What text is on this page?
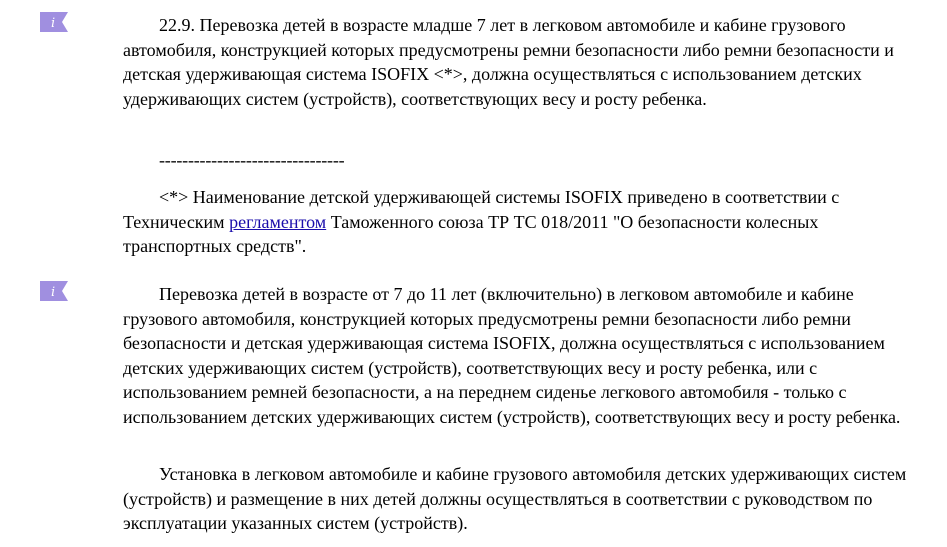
i	22.9. Перевозка детей в возрасте младше 7 лет в легковом автомобиле и кабине грузового автомобиля, конструкцией которых предусмотрены ремни безопасности либо ремни безопасности и детская удерживающая система ISOFIX <*>, должна осуществляться с использованием детских удерживающих систем (устройств), соответствующих весу и росту ребенка.

--------------------------------

<*> Наименование детской удерживающей системы ISOFIX приведено в соответствии с Техническим регламентом Таможенного союза ТР ТС 018/2011 "О безопасности колесных транспортных средств".

i	Перевозка детей в возрасте от 7 до 11 лет (включительно) в легковом автомобиле и кабине грузового автомобиля, конструкцией которых предусмотрены ремни безопасности либо ремни безопасности и детская удерживающая система ISOFIX, должна осуществляться с использованием детских удерживающих систем (устройств), соответствующих весу и росту ребенка, или с использованием ремней безопасности, а на переднем сиденье легкового автомобиля - только с использованием детских удерживающих систем (устройств), соответствующих весу и росту ребенка.

Установка в легковом автомобиле и кабине грузового автомобиля детских удерживающих систем (устройств) и размещение в них детей должны осуществляться в соответствии с руководством по эксплуатации указанных систем (устройств).
